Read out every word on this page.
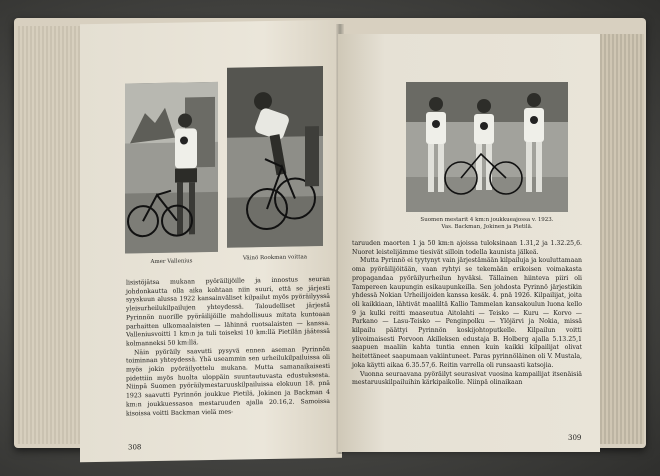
Amer Vallenius
Väinö Rookman voittaa

lisistöjätsa mukaan pyöräilijöille ja innostus seuran johdonkautta olla aika kohtaan niin suuri, että se järjesti syyskuun alussa 1922 kansainväliset kilpailut myös pyöräilyyssä yleisurheilukilpailujen yhteydessä. Taloudelliset järjestä Pyrinnön nuorille pyöräilijöille mahdollisuus mitata kuntoaan parhaitten ulkomaalaisten — lähinnä ruotsalaisten — kanssa. Valleniusvoitti 1 km:n ja tuli toiseksi 10 km:llä Pietilän jäätessä kolmanneksi 50 km:llä.

Näin pyöräily saavutti pysyvä ennen aseman Pyrinnön toiminnan yhteydessä. Yhä useammin sen urheilukilpailuissa oli myös jokin pyöräilyottelu mukana. Mutta samanaikaisesti pidettiin myös huolta uloppäin suuntautuvasta edustuksesta. Niinpä Suomen pyöräilymestaruuskilpailuissa elokuun 18. pnä 1923 saavutti Pyrinnön joukkue Pietilä, Jokinen ja Backman 4 km:n joukkuessasoa mestaruuden ajalla 20.16,2. Samoissa kisoissa voitti Backman vielä mes-

308
Suomen mestarit 4 km:n joukkueajossa v. 1923.
Vas. Backman, Jokinen ja Pietilä.

taruuden maorten 1 ja 50 km:n ajoissa tuloksinaan 1.31,2 ja 1.32.25,6. Nuoret leistelijämme tiesivät silloin todella kaunista jälkeä.

Mutta Pyrinnö ei tyytynyt vain järjestämään kilpailuja ja kouluttamaan oma pyöräilijöitään, vaan ryhtyi se tekemään erikoisen voimakasta propagandaa pyöräilyurheilun hyväksi. Tällainen hiinteva piiri oli Tampereen kaupungin esikaupunkeilla. Sen johdosta Pyrinnö järjestikin yhdessä Nokian Urheilijoiden kanssa kesäk. 4. pnä 1926. Kilpailijat, joita oli kaikkiaan, lähtivät maaliltä Kallio Tammelan kansakoulun luona kello 9 ja kulki reitti maaseutua Aitolahti — Teisko — Kuru — Korvo — Parkano — Lasu-Teisko — Penginpolku — Ylöjärvi ja Nokia, missä kilpailu päättyi Pyrinnön koskijohtoputkelle. Kilpailun voitti ylivoimaisesti Porvoon Akilleksen edustaja B. Holberg ajalla 5.13.25,1 saapuen maaliin kahta tuntia ennen kuin kaikki kilpailijat olivat heitettäneet saapumaan vakiintuneet. Paras pyrinnöläinen oli V. Mustala, joka käytti aikaa 6.35.57,6. Reitin varrella oli runsaasti katsojia.

Vuonna seuraavana pyöräilyt seurasivat vuosina kampailijat itsenäisiä mestaruuskilpailuihin kärkipaikolle. Niinpä olinaikaan

309
